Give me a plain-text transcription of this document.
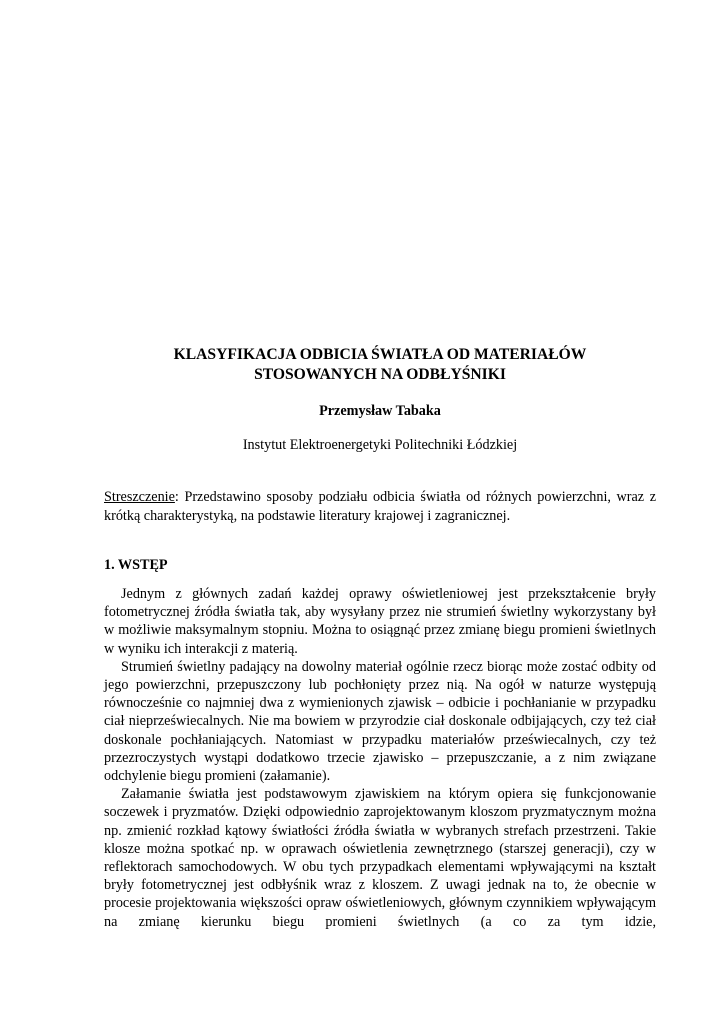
KLASYFIKACJA ODBICIA ŚWIATŁA OD MATERIAŁÓW
STOSOWANYCH NA ODBŁYŚNIKI
Przemysław Tabaka
Instytut Elektroenergetyki Politechniki Łódzkiej

Streszczenie: Przedstawino sposoby podziału odbicia światła od różnych powierzchni, wraz z krótką charakterystyką, na podstawie literatury krajowej i zagranicznej.

1. WSTĘP

Jednym z głównych zadań każdej oprawy oświetleniowej jest przekształcenie bryły fotometrycznej źródła światła tak, aby wysyłany przez nie strumień świetlny wykorzystany był w możliwie maksymalnym stopniu. Można to osiągnąć przez zmianę biegu promieni świetlnych w wyniku ich interakcji z materią.

Strumień świetlny padający na dowolny materiał ogólnie rzecz biorąc może zostać odbity od jego powierzchni, przepuszczony lub pochłonięty przez nią. Na ogół w naturze występują równocześnie co najmniej dwa z wymienionych zjawisk – odbicie i pochłanianie w przypadku ciał nieprzeświecalnych. Nie ma bowiem w przyrodzie ciał doskonale odbijających, czy też ciał doskonale pochłaniających. Natomiast w przypadku materiałów przeświecalnych, czy też przezroczystych wystąpi dodatkowo trzecie zjawisko – przepuszczanie, a z nim związane odchylenie biegu promieni (załamanie).

Załamanie światła jest podstawowym zjawiskiem na którym opiera się funkcjonowanie soczewek i pryzmatów. Dzięki odpowiednio zaprojektowanym kloszom pryzmatycznym można np. zmienić rozkład kątowy światłości źródła światła w wybranych strefach przestrzeni. Takie klosze można spotkać np. w oprawach oświetlenia zewnętrznego (starszej generacji), czy w reflektorach samochodowych. W obu tych przypadkach elementami wpływającymi na kształt bryły fotometrycznej jest odbłyśnik wraz z kloszem. Z uwagi jednak na to, że obecnie w procesie projektowania większości opraw oświetleniowych, głównym czynnikiem wpływającym na zmianę kierunku biegu promieni świetlnych (a co za tym idzie,
